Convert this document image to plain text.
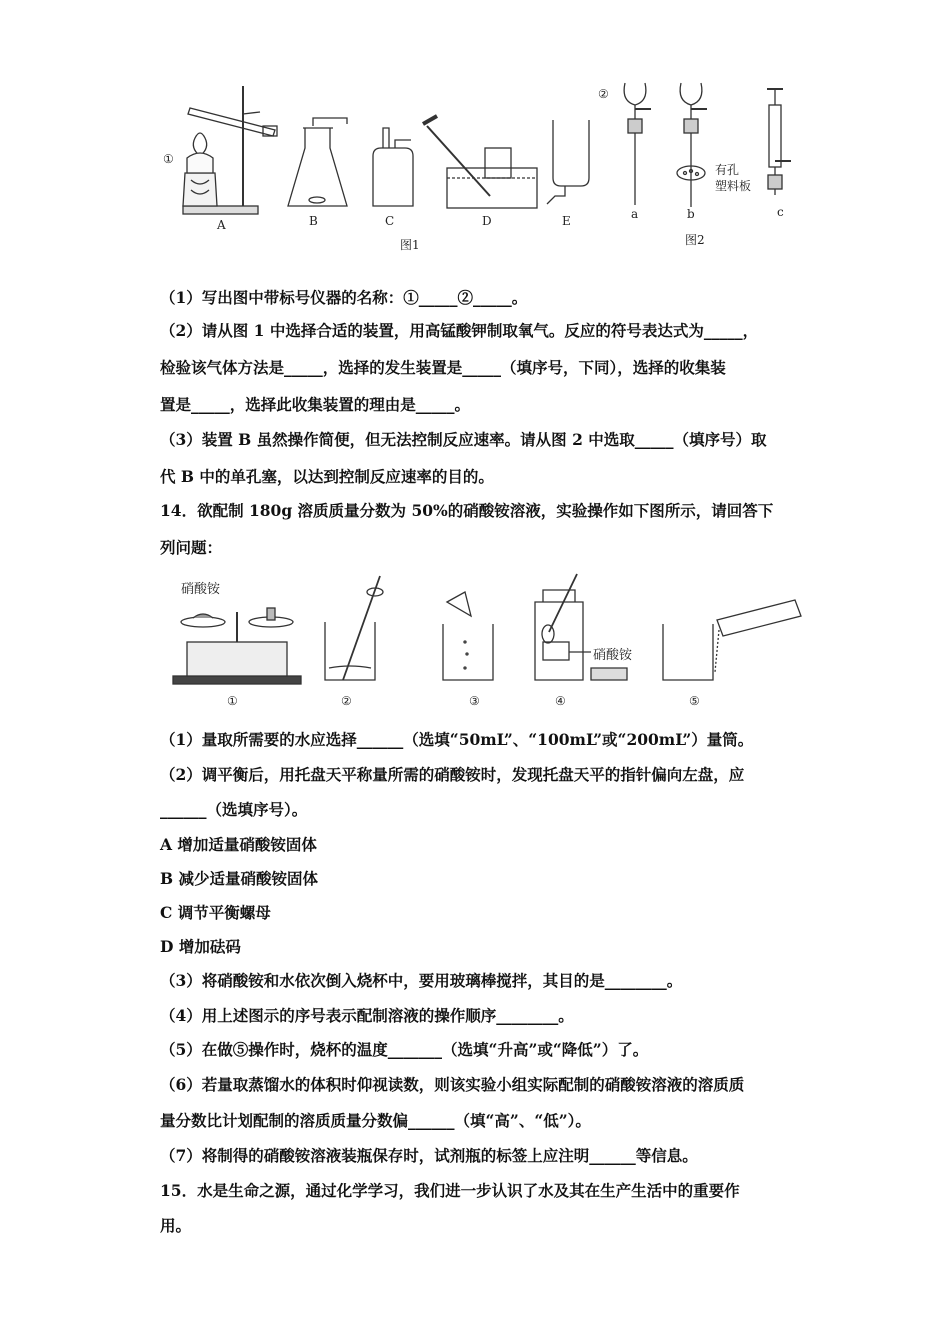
①
A	B	C	D	E
图1
②
有孔
塑料板
a	b	c
图2
（1）写出图中带标号仪器的名称：①_____②_____。
（2）请从图 1 中选择合适的装置，用高锰酸钾制取氧气。反应的符号表达式为_____，
检验该气体方法是_____，选择的发生装置是_____（填序号，下同），选择的收集装
置是_____，选择此收集装置的理由是_____。
（3）装置 B 虽然操作简便，但无法控制反应速率。请从图 2 中选取_____（填序号）取
代 B 中的单孔塞，以达到控制反应速率的目的。
14．欲配制 180g 溶质质量分数为 50%的硝酸铵溶液，实验操作如下图所示，请回答下
列问题：
硝酸铵
硝酸铵
①	②	③	④	⑤
（1）量取所需要的水应选择______（选填“50mL”、“100mL”或“200mL”）量筒。
（2）调平衡后，用托盘天平称量所需的硝酸铵时，发现托盘天平的指针偏向左盘，应
______（选填序号）。
A 增加适量硝酸铵固体
B 减少适量硝酸铵固体
C 调节平衡螺母
D 增加砝码
（3）将硝酸铵和水依次倒入烧杯中，要用玻璃棒搅拌，其目的是________。
（4）用上述图示的序号表示配制溶液的操作顺序________。
（5）在做⑤操作时，烧杯的温度_______（选填“升高”或“降低”）了。
（6）若量取蒸馏水的体积时仰视读数，则该实验小组实际配制的硝酸铵溶液的溶质质
量分数比计划配制的溶质质量分数偏______（填“高”、“低”）。
（7）将制得的硝酸铵溶液装瓶保存时，试剂瓶的标签上应注明______等信息。
15．水是生命之源，通过化学学习，我们进一步认识了水及其在生产生活中的重要作
用。
